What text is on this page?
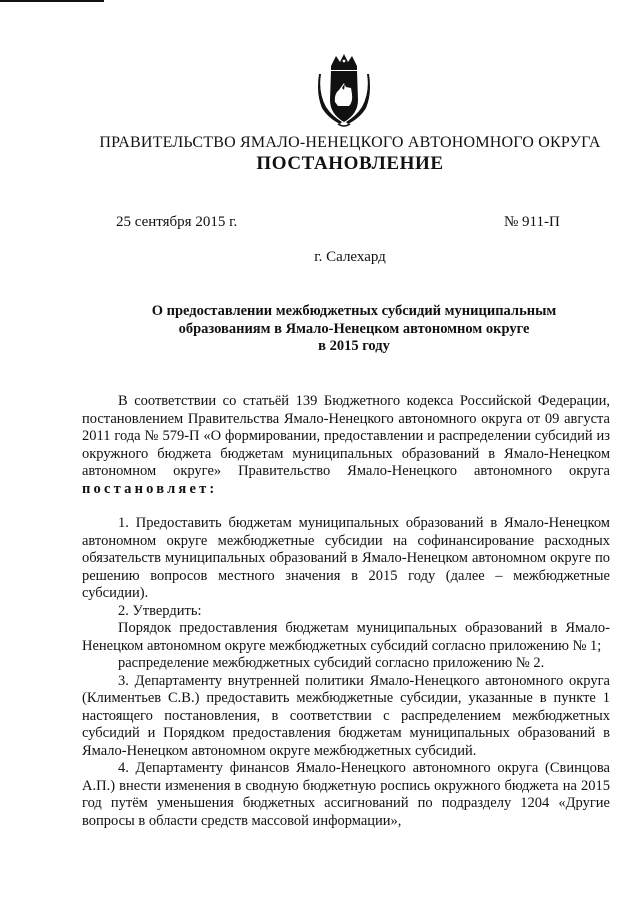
ПРАВИТЕЛЬСТВО ЯМАЛО-НЕНЕЦКОГО АВТОНОМНОГО ОКРУГА
ПОСТАНОВЛЕНИЕ
25 сентября 2015 г.	№ 911-П
г. Салехард
О предоставлении межбюджетных субсидий муниципальным
образованиям в Ямало-Ненецком автономном округе
в 2015 году

В соответствии со статьёй 139 Бюджетного кодекса Российской Федерации, постановлением Правительства Ямало-Ненецкого автономного округа от 09 августа 2011 года № 579-П «О формировании, предоставлении и распределении субсидий из окружного бюджета бюджетам муниципальных образований в Ямало-Ненецком автономном округе» Правительство Ямало-Ненецкого автономного округа постановляет:

1. Предоставить бюджетам муниципальных образований в Ямало-Ненецком автономном округе межбюджетные субсидии на софинансирование расходных обязательств муниципальных образований в Ямало-Ненецком автономном округе по решению вопросов местного значения в 2015 году (далее – межбюджетные субсидии).

2. Утвердить:

Порядок предоставления бюджетам муниципальных образований в Ямало-Ненецком автономном округе межбюджетных субсидий согласно приложению № 1;

распределение межбюджетных субсидий согласно приложению № 2.

3. Департаменту внутренней политики Ямало-Ненецкого автономного округа (Климентьев С.В.) предоставить межбюджетные субсидии, указанные в пункте 1 настоящего постановления, в соответствии с распределением межбюджетных субсидий и Порядком предоставления бюджетам муниципальных образований в Ямало-Ненецком автономном округе межбюджетных субсидий.

4. Департаменту финансов Ямало-Ненецкого автономного округа (Свинцова А.П.) внести изменения в сводную бюджетную роспись окружного бюджета на 2015 год путём уменьшения бюджетных ассигнований по подразделу 1204 «Другие вопросы в области средств массовой информации»,
